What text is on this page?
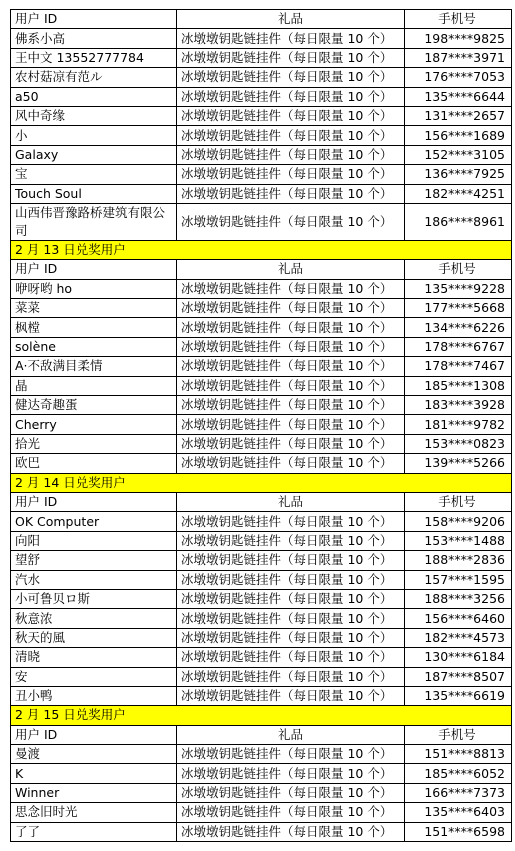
用户 ID	礼品	手机号
佛系小高	冰墩墩钥匙链挂件（每日限量 10 个）	198****9825
王中文 13552777784	冰墩墩钥匙链挂件（每日限量 10 个）	187****3971
农村菇凉有范ル	冰墩墩钥匙链挂件（每日限量 10 个）	176****7053
a50	冰墩墩钥匙链挂件（每日限量 10 个）	135****6644
风中奇缘	冰墩墩钥匙链挂件（每日限量 10 个）	131****2657
小	冰墩墩钥匙链挂件（每日限量 10 个）	156****1689
Galaxy	冰墩墩钥匙链挂件（每日限量 10 个）	152****3105
宝	冰墩墩钥匙链挂件（每日限量 10 个）	136****7925
Touch Soul	冰墩墩钥匙链挂件（每日限量 10 个）	182****4251
山西伟晋豫路桥建筑有限公司	冰墩墩钥匙链挂件（每日限量 10 个）	186****8961
2 月 13 日兑奖用户		
用户 ID	礼品	手机号
咿呀哟 ho	冰墩墩钥匙链挂件（每日限量 10 个）	135****9228
菜菜	冰墩墩钥匙链挂件（每日限量 10 个）	177****5668
枫樘	冰墩墩钥匙链挂件（每日限量 10 个）	134****6226
solène	冰墩墩钥匙链挂件（每日限量 10 个）	178****6767
A·不敌满目柔情	冰墩墩钥匙链挂件（每日限量 10 个）	178****7467
晶	冰墩墩钥匙链挂件（每日限量 10 个）	185****1308
健达奇趣蛋	冰墩墩钥匙链挂件（每日限量 10 个）	183****3928
Cherry	冰墩墩钥匙链挂件（每日限量 10 个）	181****9782
拾光	冰墩墩钥匙链挂件（每日限量 10 个）	153****0823
欧巴	冰墩墩钥匙链挂件（每日限量 10 个）	139****5266
2 月 14 日兑奖用户		
用户 ID	礼品	手机号
OK Computer	冰墩墩钥匙链挂件（每日限量 10 个）	158****9206
向阳	冰墩墩钥匙链挂件（每日限量 10 个）	153****1488
望舒	冰墩墩钥匙链挂件（每日限量 10 个）	188****2836
汽水	冰墩墩钥匙链挂件（每日限量 10 个）	157****1595
小可鲁贝ロ斯	冰墩墩钥匙链挂件（每日限量 10 个）	188****3256
秋意浓	冰墩墩钥匙链挂件（每日限量 10 个）	156****6460
秋天的風	冰墩墩钥匙链挂件（每日限量 10 个）	182****4573
清晓	冰墩墩钥匙链挂件（每日限量 10 个）	130****6184
安	冰墩墩钥匙链挂件（每日限量 10 个）	187****8507
丑小鸭	冰墩墩钥匙链挂件（每日限量 10 个）	135****6619
2 月 15 日兑奖用户		
用户 ID	礼品	手机号
曼渡	冰墩墩钥匙链挂件（每日限量 10 个）	151****8813
K	冰墩墩钥匙链挂件（每日限量 10 个）	185****6052
Winner	冰墩墩钥匙链挂件（每日限量 10 个）	166****7373
思念旧时光	冰墩墩钥匙链挂件（每日限量 10 个）	135****6403
了了	冰墩墩钥匙链挂件（每日限量 10 个）	151****6598
